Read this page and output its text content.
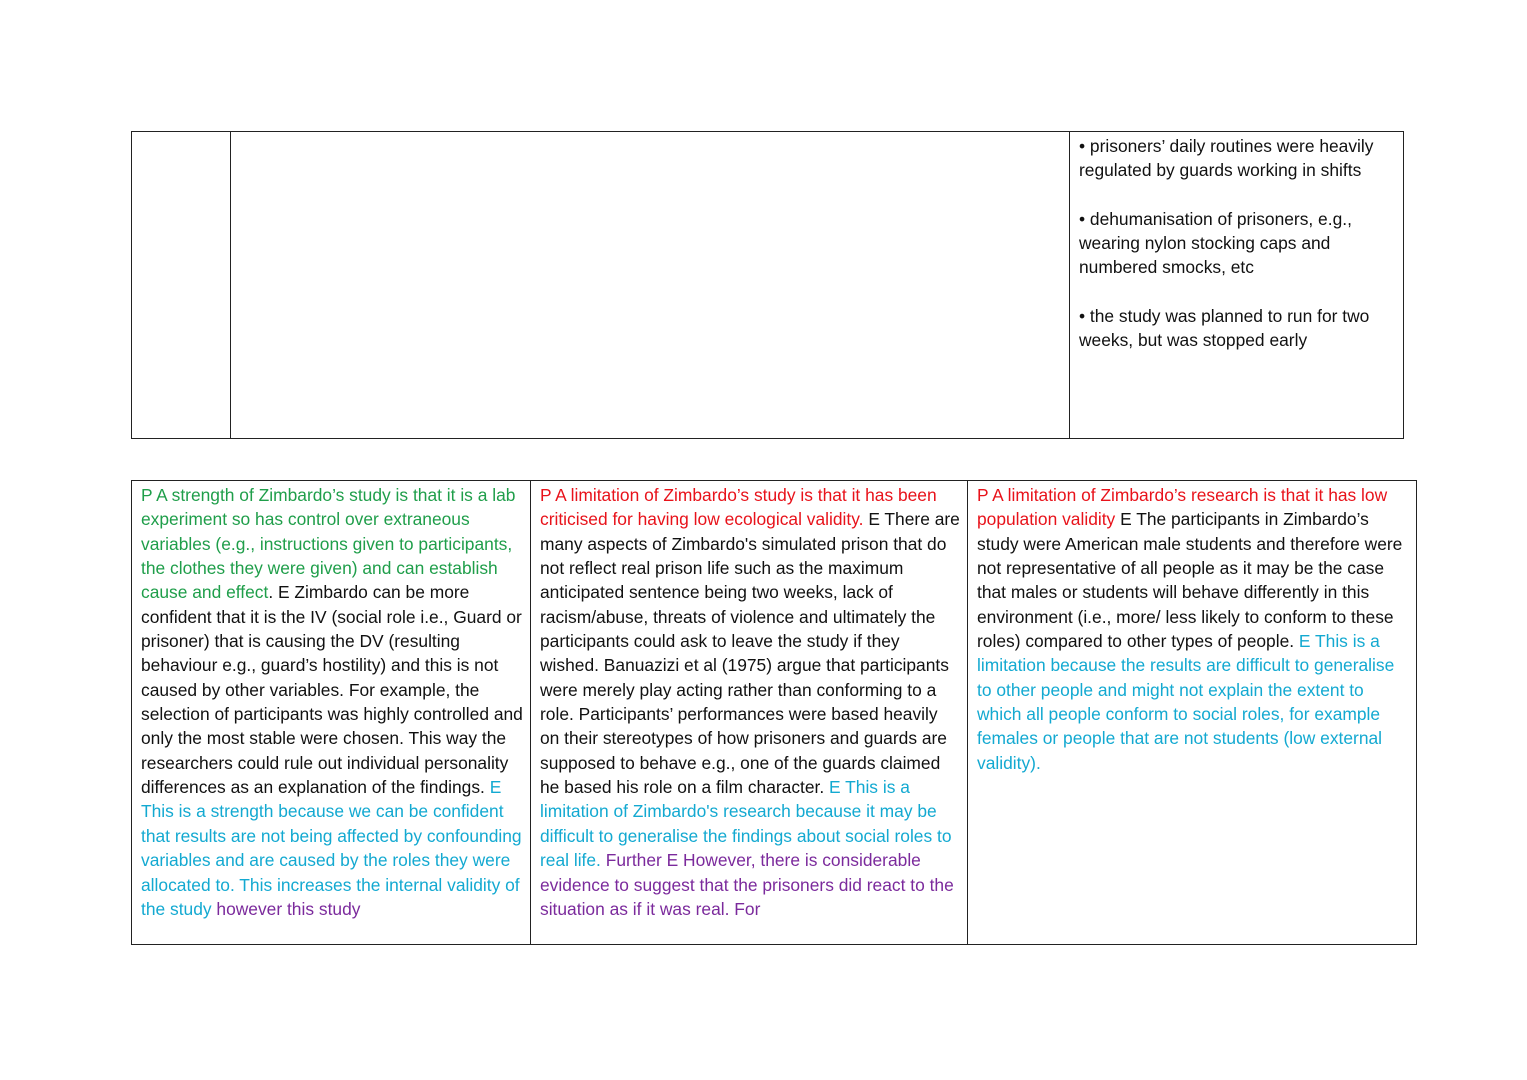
• prisoners’ daily routines were heavily regulated by guards working in shifts
• dehumanisation of prisoners, e.g., wearing nylon stocking caps and numbered smocks, etc
• the study was planned to run for two weeks, but was stopped early
P A strength of Zimbardo’s study is that it is a lab experiment so has control over extraneous variables (e.g., instructions given to participants, the clothes they were given) and can establish cause and effect. E Zimbardo can be more confident that it is the IV (social role i.e., Guard or prisoner) that is causing the DV (resulting behaviour e.g., guard’s hostility) and this is not caused by other variables. For example, the selection of participants was highly controlled and only the most stable were chosen. This way the researchers could rule out individual personality differences as an explanation of the findings. E This is a strength because we can be confident that results are not being affected by confounding variables and are caused by the roles they were allocated to. This increases the internal validity of the study however this study
P A limitation of Zimbardo’s study is that it has been criticised for having low ecological validity. E There are many aspects of Zimbardo's simulated prison that do not reflect real prison life such as the maximum anticipated sentence being two weeks, lack of racism/abuse, threats of violence and ultimately the participants could ask to leave the study if they wished. Banuazizi et al (1975) argue that participants were merely play acting rather than conforming to a role. Participants’ performances were based heavily on their stereotypes of how prisoners and guards are supposed to behave e.g., one of the guards claimed he based his role on a film character. E This is a limitation of Zimbardo's research because it may be difficult to generalise the findings about social roles to real life. Further E However, there is considerable evidence to suggest that the prisoners did react to the situation as if it was real. For
P A limitation of Zimbardo’s research is that it has low population validity E The participants in Zimbardo’s study were American male students and therefore were not representative of all people as it may be the case that males or students will behave differently in this environment (i.e., more/ less likely to conform to these roles) compared to other types of people. E This is a limitation because the results are difficult to generalise to other people and might not explain the extent to which all people conform to social roles, for example females or people that are not students (low external validity).
